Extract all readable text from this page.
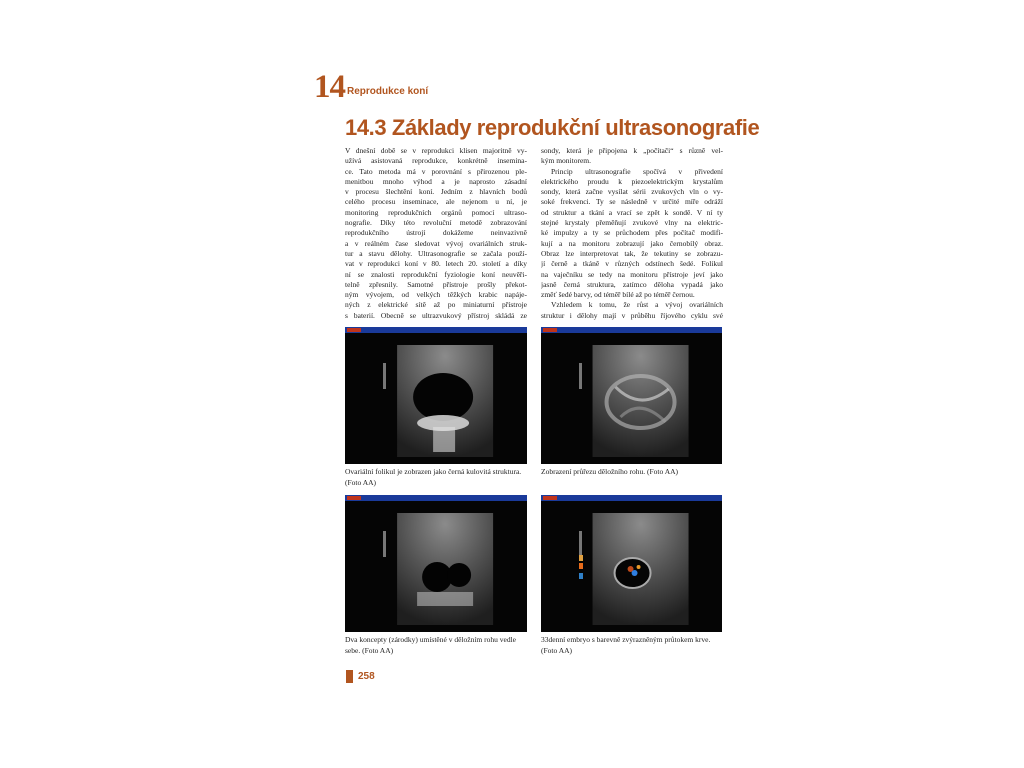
14 Reprodukce koní
14.3 Základy reprodukční ultrasonografie
V dnešní době se v reprodukci klisen majoritně vy-
užívá asistovaná reprodukce, konkrétně insemina-
ce. Tato metoda má v porovnání s přirozenou ple-
menitbou mnoho výhod a je naprosto zásadní
v procesu šlechtění koní. Jedním z hlavních bodů
celého procesu inseminace, ale nejenom u ní, je
monitoring reprodukčních orgánů pomocí ultraso-
nografie. Díky této revoluční metodě zobrazování
reprodukčního ústrojí dokážeme neinvazivně
a v reálném čase sledovat vývoj ovariálních struk-
tur a stavu dělohy. Ultrasonografie se začala použí-
vat v reprodukci koní v 80. letech 20. století a díky
ní se znalosti reprodukční fyziologie koní neuvěři-
telně zpřesnily. Samotné přístroje prošly překot-
ným vývojem, od velkých těžkých krabic napáje-
ných z elektrické sítě až po miniaturní přístroje
s baterií. Obecně se ultrazvukový přístroj skládá ze
sondy, která je připojena k „počítači“ s různě vel-
kým monitorem.
Princip ultrasonografie spočívá v přivedení
elektrického proudu k piezoelektrickým krystalům
sondy, která začne vysílat sérii zvukových vln o vy-
soké frekvenci. Ty se následně v určité míře odráží
od struktur a tkání a vrací se zpět k sondě. V ní ty
stejné krystaly přeměňují zvukové vlny na elektric-
ké impulzy a ty se průchodem přes počítač modifi-
kují a na monitoru zobrazují jako černobílý obraz.
Obraz lze interpretovat tak, že tekutiny se zobrazu-
jí černě a tkáně v různých odstínech šedé. Folikul
na vaječníku se tedy na monitoru přístroje jeví jako
jasně černá struktura, zatímco děloha vypadá jako
změť šedé barvy, od téměř bílé až po téměř černou.
Vzhledem k tomu, že růst a vývoj ovariálních
struktur i dělohy mají v průběhu říjového cyklu své
Ovariální folikul je zobrazen jako černá kulovitá struktura. (Foto AA)
Zobrazení průřezu děložního rohu. (Foto AA)
Dva koncepty (zárodky) umístěné v děložním rohu vedle sebe. (Foto AA)
33denní embryo s barevně zvýrazněným průtokem krve. (Foto AA)
258
